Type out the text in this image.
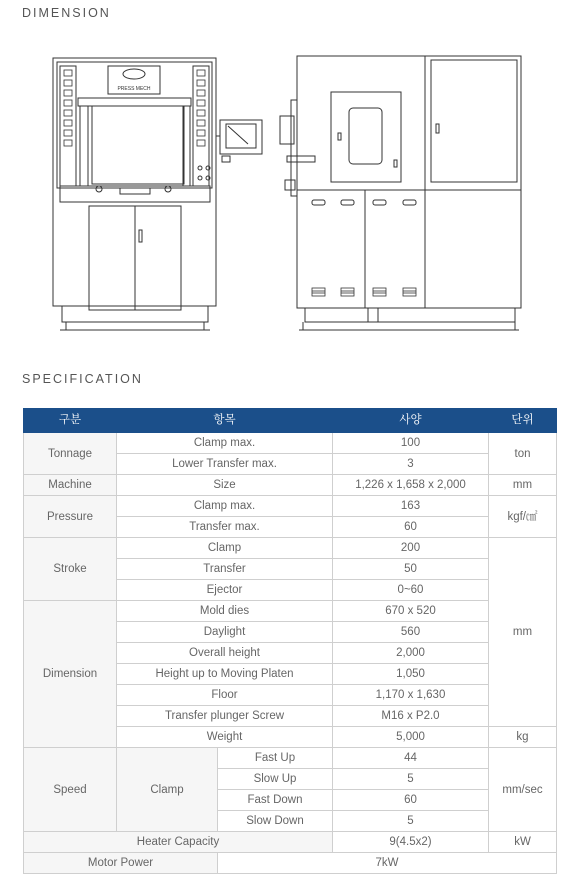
DIMENSION
PRESS MECH
SPECIFICATION
구분	항목		사양	단위
Tonnage	Clamp max.		100	ton
	Lower Transfer max.		3	
Machine	Size		1,226 x 1,658 x 2,000	mm
Pressure	Clamp max.		163	kgf/㎠
	Transfer max.		60	
Stroke	Clamp		200	mm
	Transfer		50	
	Ejector		0~60	
Dimension	Mold dies		670 x 520	
	Daylight		560	
	Overall height		2,000	
	Height up to Moving Platen		1,050	
	Floor		1,170 x 1,630	
	Transfer plunger Screw		M16 x P2.0	
	Weight		5,000	kg
Speed	Clamp	Fast Up	44	mm/sec
		Slow Up	5	
		Fast Down	60	
		Slow Down	5	
Heater Capacity			9(4.5x2)	kW
Motor Power		7kW		
